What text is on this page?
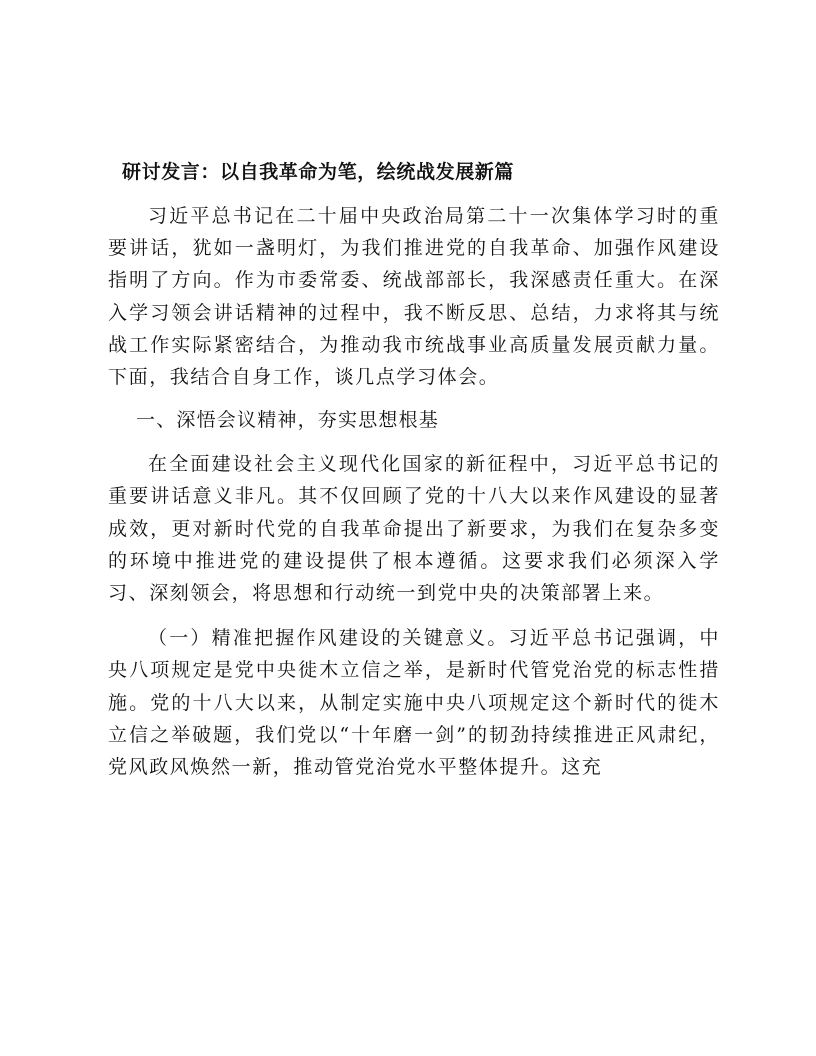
研讨发言：以自我革命为笔，绘统战发展新篇

习近平总书记在二十届中央政治局第二十一次集体学习时的重要讲话，犹如一盏明灯，为我们推进党的自我革命、加强作风建设指明了方向。作为市委常委、统战部部长，我深感责任重大。在深入学习领会讲话精神的过程中，我不断反思、总结，力求将其与统战工作实际紧密结合，为推动我市统战事业高质量发展贡献力量。下面，我结合自身工作，谈几点学习体会。

一、深悟会议精神，夯实思想根基

在全面建设社会主义现代化国家的新征程中，习近平总书记的重要讲话意义非凡。其不仅回顾了党的十八大以来作风建设的显著成效，更对新时代党的自我革命提出了新要求，为我们在复杂多变的环境中推进党的建设提供了根本遵循。这要求我们必须深入学习、深刻领会，将思想和行动统一到党中央的决策部署上来。

（一）精准把握作风建设的关键意义。习近平总书记强调，中央八项规定是党中央徙木立信之举，是新时代管党治党的标志性措施。党的十八大以来，从制定实施中央八项规定这个新时代的徙木立信之举破题，我们党以“十年磨一剑”的韧劲持续推进正风肃纪，党风政风焕然一新，推动管党治党水平整体提升。这充
